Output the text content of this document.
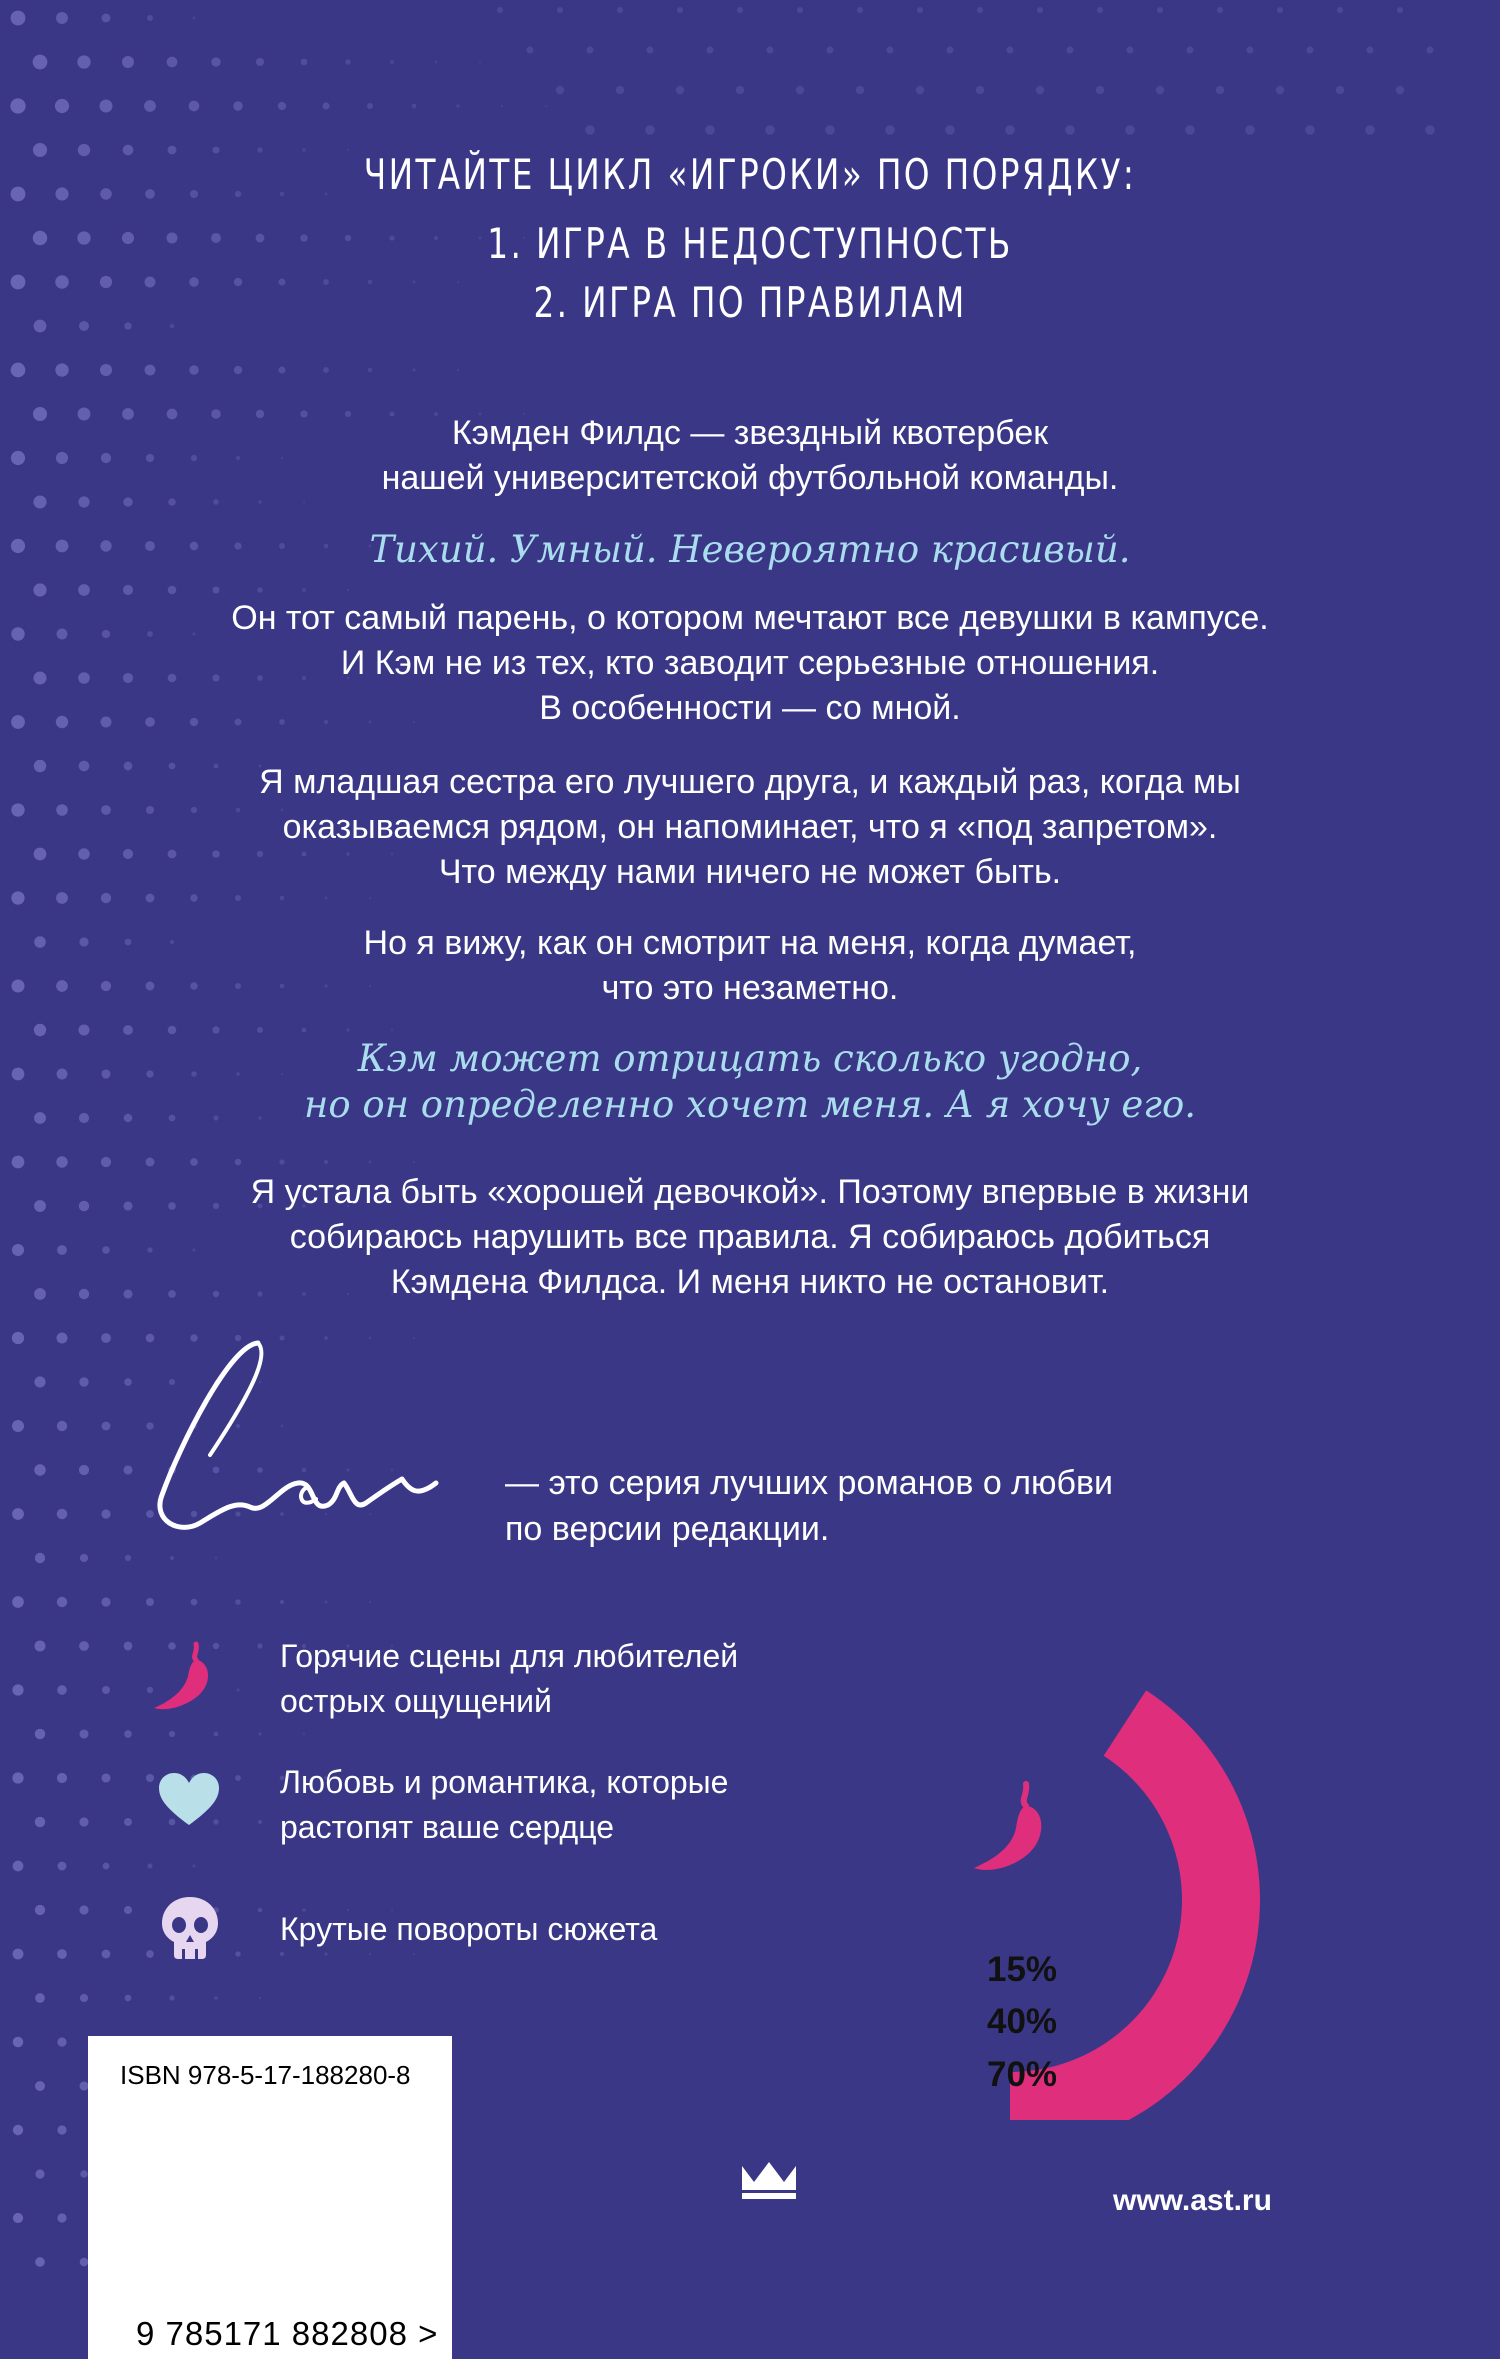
ЧИТАЙТЕ ЦИКЛ «ИГРОКИ» ПО ПОРЯДКУ:
1. ИГРА В НЕДОСТУПНОСТЬ
2. ИГРА ПО ПРАВИЛАМ
Кэмден Филдс — звездный квотербек
нашей университетской футбольной команды.
Тихий. Умный. Невероятно красивый.
Он тот самый парень, о котором мечтают все девушки в кампусе.
И Кэм не из тех, кто заводит серьезные отношения.
В особенности — со мной.
Я младшая сестра его лучшего друга, и каждый раз, когда мы
оказываемся рядом, он напоминает, что я «под запретом».
Что между нами ничего не может быть.
Но я вижу, как он смотрит на меня, когда думает,
что это незаметно.
Кэм может отрицать сколько угодно,
но он определенно хочет меня. А я хочу его.
Я устала быть «хорошей девочкой». Поэтому впервые в жизни
собираюсь нарушить все правила. Я собираюсь добиться
Кэмдена Филдса. И меня никто не остановит.
— это серия лучших романов о любви
по версии редакции.
Горячие сцены для любителей
острых ощущений
Любовь и романтика, которые
растопят ваше сердце
Крутые повороты сюжета
15%
40%
70%
ISBN 978-5-17-188280-8
9 785171 882808 >
www.ast.ru
